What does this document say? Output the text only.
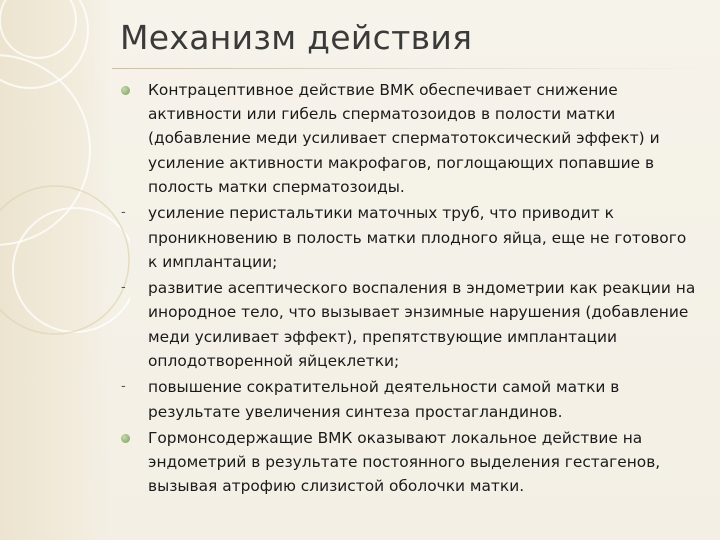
Механизм действия
Контрацептивное действие ВМК обеспечивает снижение активности или гибель сперматозоидов в полости матки (добавление меди усиливает сперматотоксический эффект) и усиление активности макрофагов, поглощающих попавшие в полость матки сперматозоиды.
- усиление перистальтики маточных труб, что приводит к проникновению в полость матки плодного яйца, еще не готового к имплантации;
- развитие асептического воспаления в эндометрии как реакции на инородное тело, что вызывает энзимные нарушения (добавление меди усиливает эффект), препятствующие имплантации оплодотворенной яйцеклетки;
- повышение сократительной деятельности самой матки в результате увеличения синтеза простагландинов.
Гормонсодержащие ВМК оказывают локальное действие на эндометрий в результате постоянного выделения гестагенов, вызывая атрофию слизистой оболочки матки.
